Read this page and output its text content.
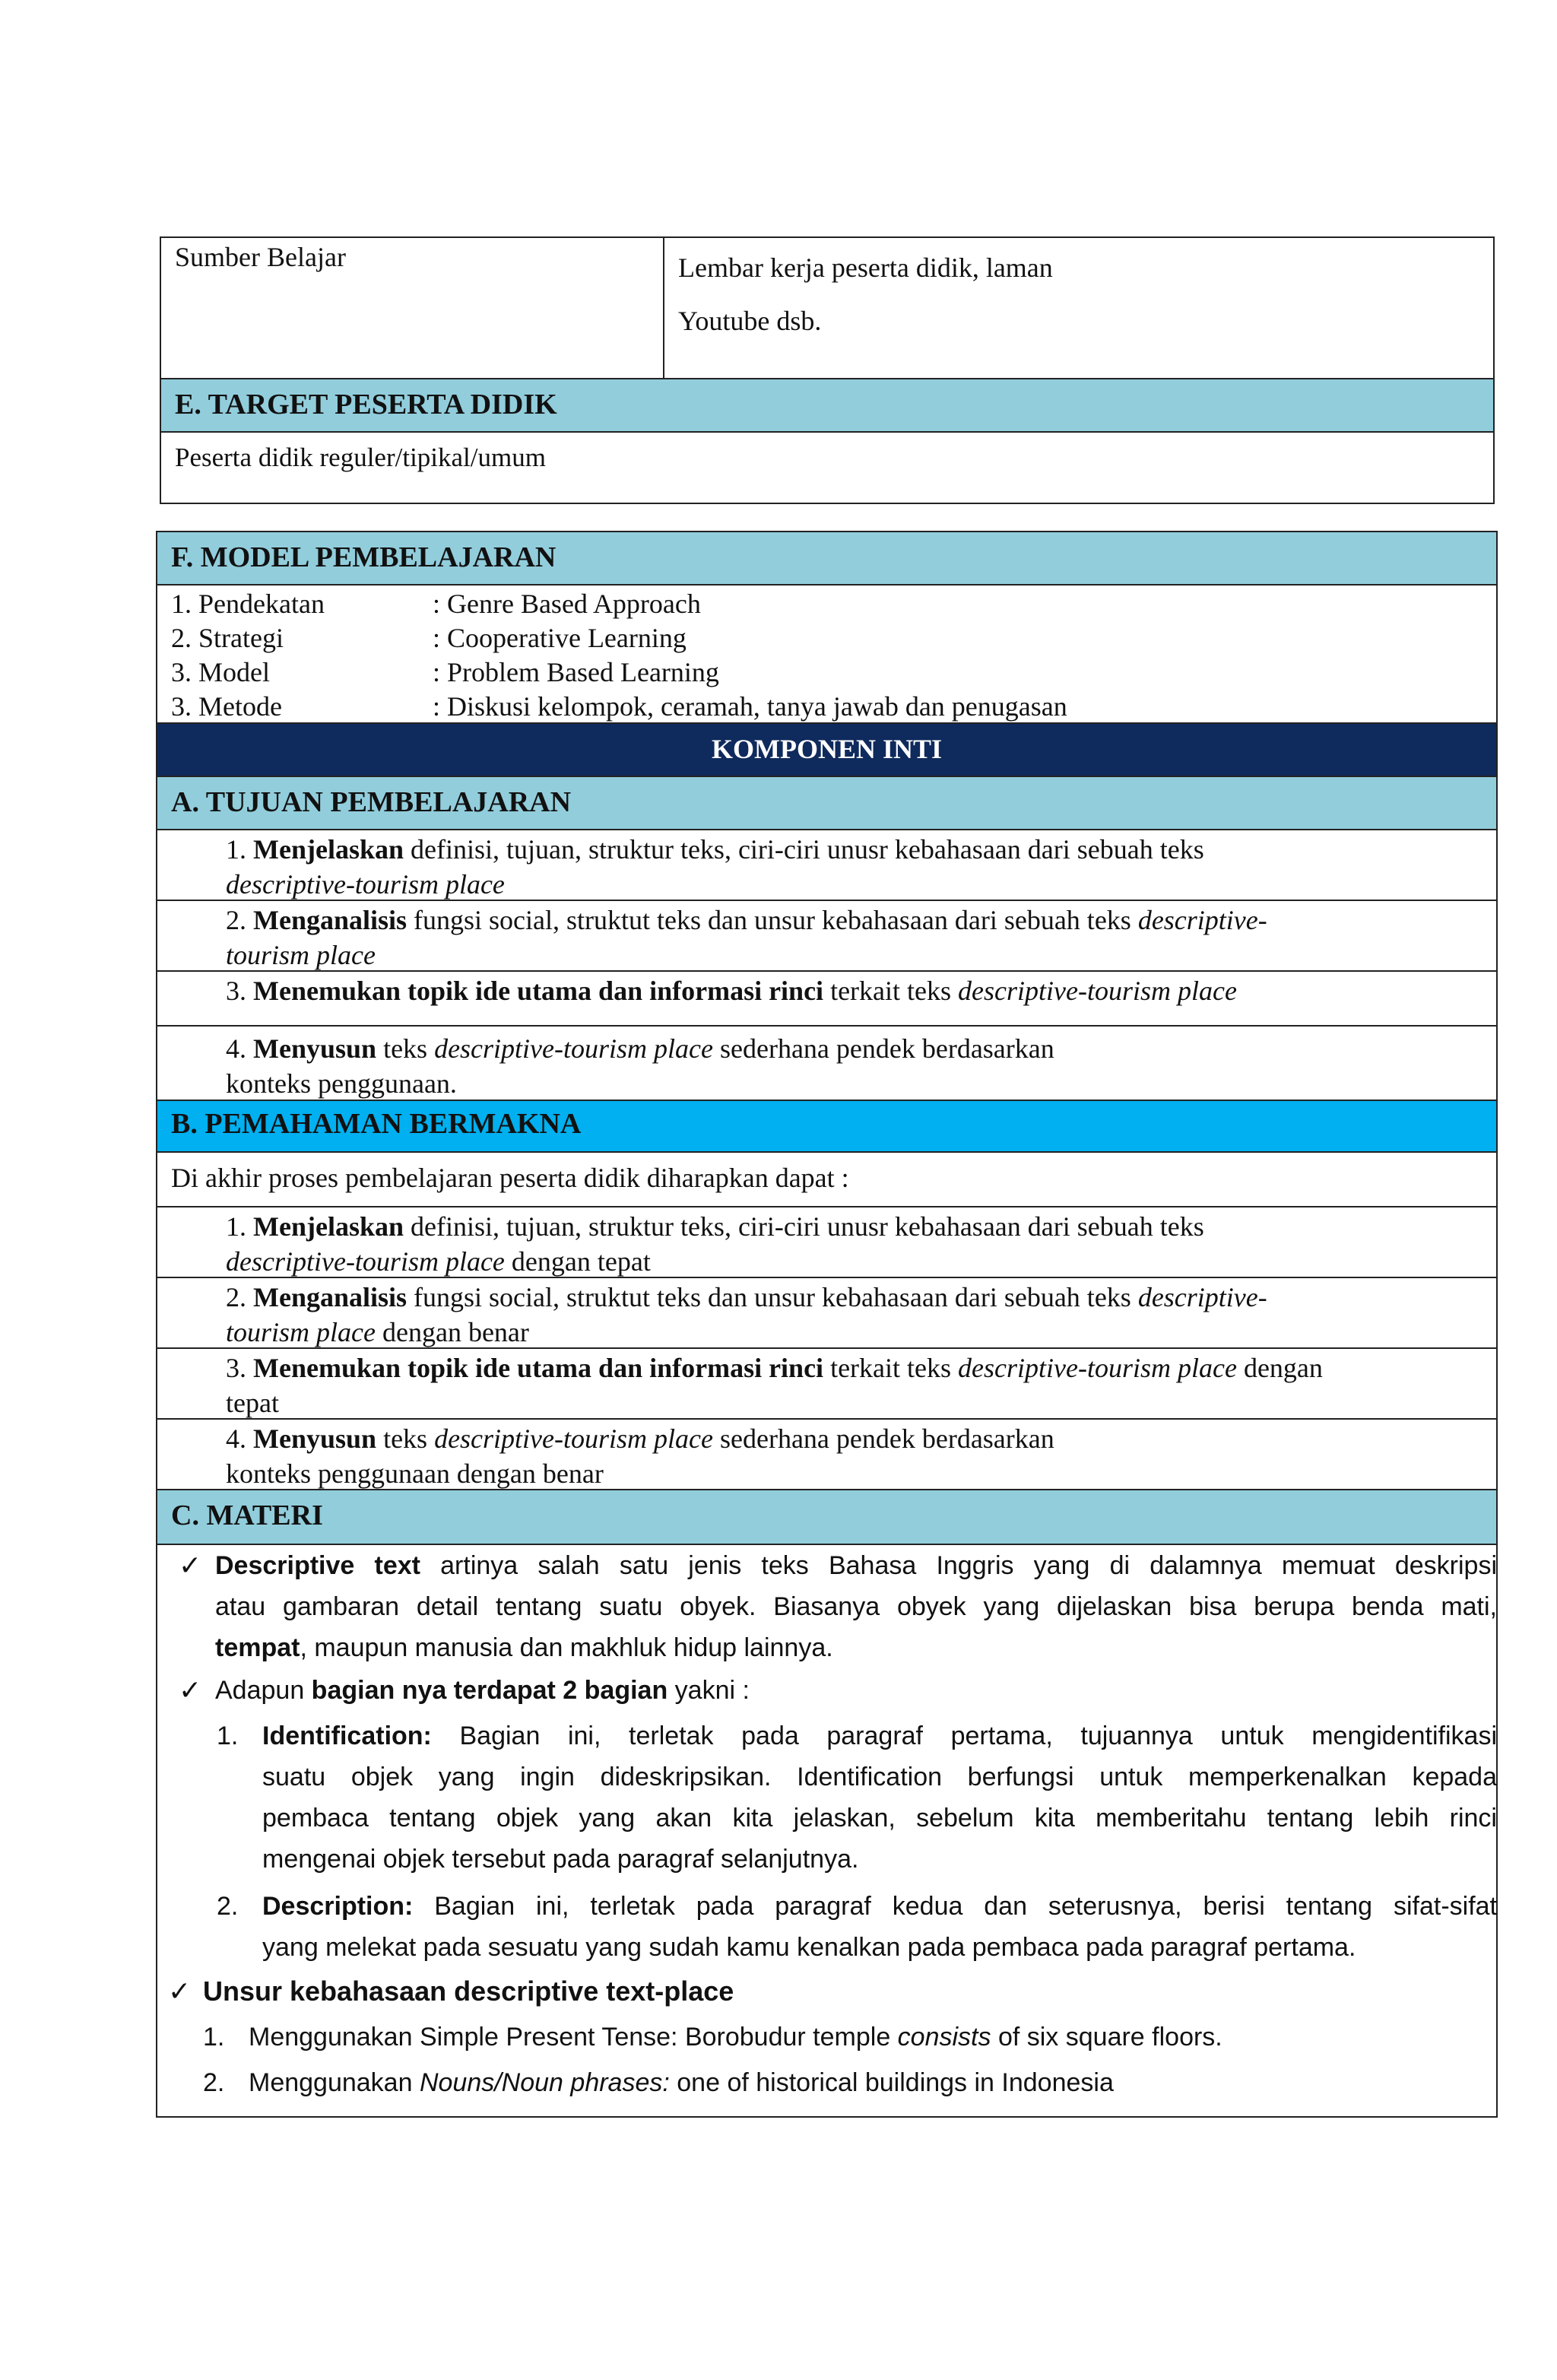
Sumber Belajar	Lembar kerja peserta didik, laman
Youtube dsb.
E. TARGET PESERTA DIDIK
Peserta didik reguler/tipikal/umum
F. MODEL PEMBELAJARAN
1. Pendekatan	: Genre Based Approach
2. Strategi	: Cooperative Learning
3. Model	: Problem Based Learning
3. Metode	: Diskusi kelompok, ceramah, tanya jawab dan penugasan
KOMPONEN INTI
A. TUJUAN PEMBELAJARAN
1. Menjelaskan definisi, tujuan, struktur teks, ciri-ciri unusr kebahasaan dari sebuah teks
descriptive-tourism place
2. Menganalisis fungsi social, struktut teks dan unsur kebahasaan dari sebuah teks descriptive-
tourism place
3. Menemukan topik ide utama dan informasi rinci terkait teks descriptive-tourism place
4. Menyusun teks descriptive-tourism place sederhana pendek berdasarkan
konteks penggunaan.
B. PEMAHAMAN BERMAKNA
Di akhir proses pembelajaran peserta didik diharapkan dapat :
1. Menjelaskan definisi, tujuan, struktur teks, ciri-ciri unusr kebahasaan dari sebuah teks
descriptive-tourism place dengan tepat
2. Menganalisis fungsi social, struktut teks dan unsur kebahasaan dari sebuah teks descriptive-
tourism place dengan benar
3. Menemukan topik ide utama dan informasi rinci terkait teks descriptive-tourism place dengan
tepat
4. Menyusun teks descriptive-tourism place sederhana pendek berdasarkan
konteks penggunaan dengan benar
C. MATERI
✓ Descriptive text artinya salah satu jenis teks Bahasa Inggris yang di dalamnya memuat deskripsi
atau gambaran detail tentang suatu obyek. Biasanya obyek yang dijelaskan bisa berupa benda mati,
tempat, maupun manusia dan makhluk hidup lainnya.
✓ Adapun bagian nya terdapat 2 bagian yakni :
1. Identification: Bagian ini, terletak pada paragraf pertama, tujuannya untuk mengidentifikasi
suatu objek yang ingin dideskripsikan. Identification berfungsi untuk memperkenalkan kepada
pembaca tentang objek yang akan kita jelaskan, sebelum kita memberitahu tentang lebih rinci
mengenai objek tersebut pada paragraf selanjutnya.
2. Description: Bagian ini, terletak pada paragraf kedua dan seterusnya, berisi tentang sifat-sifat
yang melekat pada sesuatu yang sudah kamu kenalkan pada pembaca pada paragraf pertama.
✓ Unsur kebahasaan descriptive text-place
1. Menggunakan Simple Present Tense: Borobudur temple consists of six square floors.
2. Menggunakan Nouns/Noun phrases: one of historical buildings in Indonesia
